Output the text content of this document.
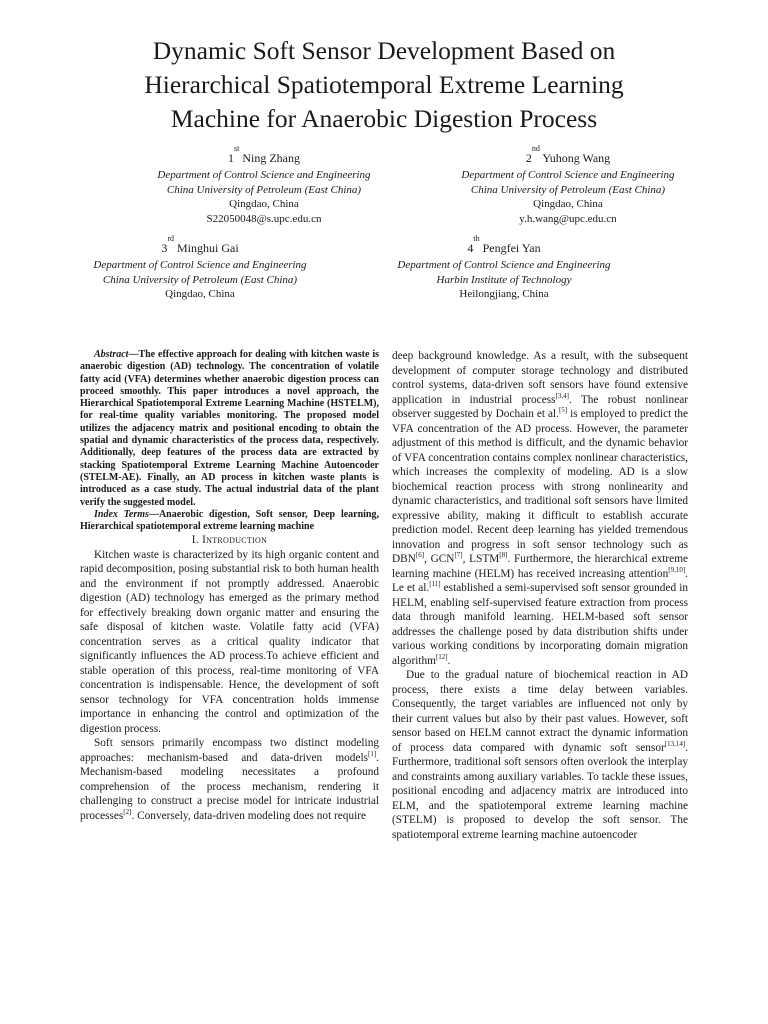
Dynamic Soft Sensor Development Based on
Hierarchical Spatiotemporal Extreme Learning
Machine for Anaerobic Digestion Process
1st Ning Zhang
Department of Control Science and Engineering
China University of Petroleum (East China)
Qingdao, China
S22050048@s.upc.edu.cn
2nd Yuhong Wang
Department of Control Science and Engineering
China University of Petroleum (East China)
Qingdao, China
y.h.wang@upc.edu.cn
3rd Minghui Gai
Department of Control Science and Engineering
China University of Petroleum (East China)
Qingdao, China
4th Pengfei Yan
Department of Control Science and Engineering
Harbin Institute of Technology
Heilongjiang, China

Abstract—The effective approach for dealing with kitchen waste is anaerobic digestion (AD) technology. The concentration of volatile fatty acid (VFA) determines whether anaerobic digestion process can proceed smoothly. This paper introduces a novel approach, the Hierarchical Spatiotemporal Extreme Learning Machine (HSTELM), for real-time quality variables monitoring. The proposed model utilizes the adjacency matrix and positional encoding to obtain the spatial and dynamic characteristics of the process data, respectively. Additionally, deep features of the process data are extracted by stacking Spatiotemporal Extreme Learning Machine Autoencoder (STELM-AE). Finally, an AD process in kitchen waste plants is introduced as a case study. The actual industrial data of the plant verify the suggested model.

Index Terms—Anaerobic digestion, Soft sensor, Deep learning, Hierarchical spatiotemporal extreme learning machine

I. Introduction

Kitchen waste is characterized by its high organic content and rapid decomposition, posing substantial risk to both human health and the environment if not promptly addressed. Anaerobic digestion (AD) technology has emerged as the primary method for effectively breaking down organic matter and ensuring the safe disposal of kitchen waste. Volatile fatty acid (VFA) concentration serves as a critical quality indicator that significantly influences the AD process.To achieve efficient and stable operation of this process, real-time monitoring of VFA concentration is indispensable. Hence, the development of soft sensor technology for VFA concentration holds immense importance in enhancing the control and optimization of the digestion process.

Soft sensors primarily encompass two distinct modeling approaches: mechanism-based and data-driven models[1]. Mechanism-based modeling necessitates a profound comprehension of the process mechanism, rendering it challenging to construct a precise model for intricate industrial processes[2]. Conversely, data-driven modeling does not require

deep background knowledge. As a result, with the subsequent development of computer storage technology and distributed control systems, data-driven soft sensors have found extensive application in industrial process[3,4]. The robust nonlinear observer suggested by Dochain et al.[5] is employed to predict the VFA concentration of the AD process. However, the parameter adjustment of this method is difficult, and the dynamic behavior of VFA concentration contains complex nonlinear characteristics, which increases the complexity of modeling. AD is a slow biochemical reaction process with strong nonlinearity and dynamic characteristics, and traditional soft sensors have limited expressive ability, making it difficult to establish accurate prediction model. Recent deep learning has yielded tremendous innovation and progress in soft sensor technology such as DBN[6], GCN[7], LSTM[8]. Furthermore, the hierarchical extreme learning machine (HELM) has received increasing attention[9,10]. Le et al.[11] established a semi-supervised soft sensor grounded in HELM, enabling self-supervised feature extraction from process data through manifold learning. HELM-based soft sensor addresses the challenge posed by data distribution shifts under various working conditions by incorporating domain migration algorithm[12].

Due to the gradual nature of biochemical reaction in AD process, there exists a time delay between variables. Consequently, the target variables are influenced not only by their current values but also by their past values. However, soft sensor based on HELM cannot extract the dynamic information of process data compared with dynamic soft sensor[13,14]. Furthermore, traditional soft sensors often overlook the interplay and constraints among auxiliary variables. To tackle these issues, positional encoding and adjacency matrix are introduced into ELM, and the spatiotemporal extreme learning machine (STELM) is proposed to develop the soft sensor. The spatiotemporal extreme learning machine autoencoder
